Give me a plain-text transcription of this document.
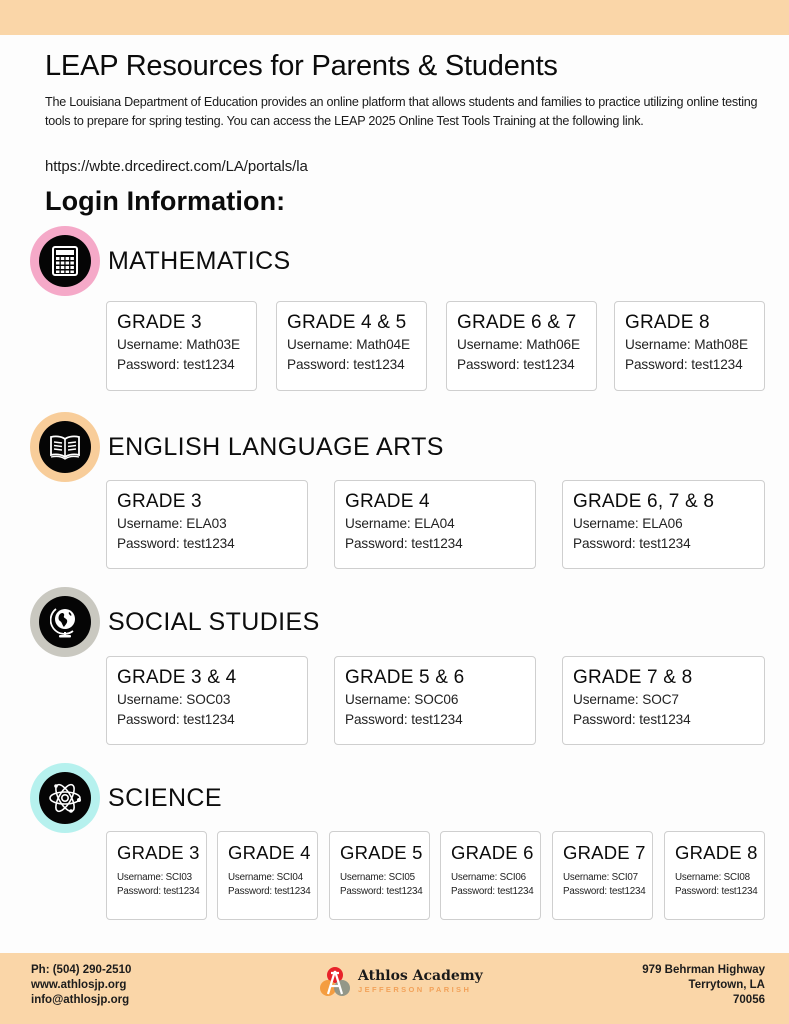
LEAP Resources for Parents & Students

The Louisiana Department of Education provides an online platform that allows students and families to practice utilizing online testing tools to prepare for spring testing. You can access the LEAP 2025 Online Test Tools Training at the following link.

https://wbte.drcedirect.com/LA/portals/la
Login Information:
MATHEMATICS
GRADE 3
Username: Math03E
Password: test1234
GRADE 4 & 5
Username: Math04E
Password: test1234
GRADE 6 & 7
Username: Math06E
Password: test1234
GRADE 8
Username: Math08E
Password: test1234
ENGLISH LANGUAGE ARTS
GRADE 3
Username: ELA03
Password: test1234
GRADE 4
Username: ELA04
Password: test1234
GRADE 6, 7 & 8
Username: ELA06
Password: test1234
SOCIAL STUDIES
GRADE 3 & 4
Username: SOC03
Password: test1234
GRADE 5 & 6
Username: SOC06
Password: test1234
GRADE 7 & 8
Username: SOC7
Password: test1234
SCIENCE
GRADE 3
Username: SCI03
Password: test1234
GRADE 4
Username: SCI04
Password: test1234
GRADE 5
Username: SCI05
Password: test1234
GRADE 6
Username: SCI06
Password: test1234
GRADE 7
Username: SCI07
Password: test1234
GRADE 8
Username: SCI08
Password: test1234
Ph: (504) 290-2510
www.athlosjp.org
info@athlosjp.org
Athlos Academy
JEFFERSON PARISH
979 Behrman Highway
Terrytown, LA
70056
